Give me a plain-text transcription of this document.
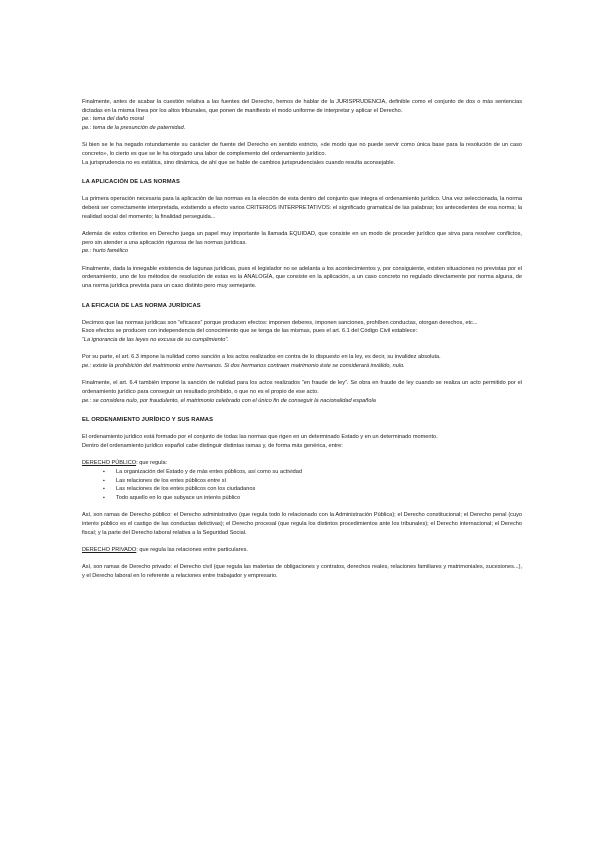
Finalmente, antes de acabar la cuestión relativa a las fuentes del Derecho, hemos de hablar de la JURISPRUDENCIA, definible como el conjunto de dos o más sentencias dictadas en la misma línea por los altos tribunales, que ponen de manifiesto el modo uniforme de interpretar y aplicar el Derecho.

pe.: tema del daño moral

pe.: tema de la presunción de paternidad.

Si bien se le ha negado rotundamente su carácter de fuente del Derecho en sentido estricto, «de modo que no puede servir como única base para la resolución de un caso concreto», lo cierto es que se le ha otorgado una labor de complemento del ordenamiento jurídico.

La jurisprudencia no es estática, sino dinámica, de ahí que se hable de cambios jurisprudenciales cuando resulta aconsejable.

LA APLICACIÓN DE LAS NORMAS

La primera operación necesaria para la aplicación de las normas es la elección de esta dentro del conjunto que integra el ordenamiento jurídico. Una vez seleccionada, la norma deberá ser correctamente interpretada, existiendo a efecto varios CRITERIOS INTERPRETATIVOS: el significado gramatical de las palabras; los antecedentes de esa norma; la realidad social del momento; la finalidad perseguida...

Además de estos criterios en Derecho juega un papel muy importante la llamada EQUIDAD, que consiste en un modo de proceder jurídico que sirva para resolver conflictos, pero sin atender a una aplicación rigurosa de las normas jurídicas.

pe.: hurto famélico

Finalmente, dada la innegable existencia de lagunas jurídicas, pues el legislador no se adelanta a los acontecimientos y, por consiguiente, existen situaciones no previstas por el ordenamiento, uno de los métodos de resolución de estas es la ANALOGÍA, que consiste en la aplicación, a un caso concreto no regulado directamente por norma alguna, de una norma jurídica prevista para un caso distinto pero muy semejante.

LA EFICACIA DE LAS NORMA JURÍDICAS

Decimos que las normas jurídicas son “eficaces” porque producen efectos: imponen deberes, imponen sanciones, prohíben conductas, otorgan derechos, etc...

Esos efectos se producen con independencia del conocimiento que se tenga de las mismas, pues el art. 6.1 del Código Civil establece:

“La ignorancia de las leyes no excusa de su cumplimiento”.

Por su parte, el art. 6.3 impone la nulidad como sanción a los actos realizados en contra de lo dispuesto en la ley, es decir, su invalidez absoluta.

pe.: existe la prohibición del matrimonio entre hermanos. Si dos hermanos contraen matrimonio éste se considerará inválido, nulo.

Finalmente, el art. 6.4 también impone la sanción de nulidad para los actos realizados “en fraude de ley”. Se obra en fraude de ley cuando se realiza un acto permitido por el ordenamiento jurídico para conseguir un resultado prohibido, o que no es el propio de ese acto.

pe.: se considera nulo, por fraudulento, el matrimonio celebrado con el único fin de conseguir la nacionalidad española

EL ORDENAMIENTO JURÍDICO Y SUS RAMAS

El ordenamiento jurídico está formado por el conjunto de todas las normas que rigen en un determinado Estado y en un determinado momento.

Dentro del ordenamiento jurídico español cabe distinguir distintas ramas y, de forma más genérica, entre:

DERECHO PÚBLICO: que regula:

▪ La organización del Estado y de más entes públicos, así como su actividad
▪ Las relaciones de los entes públicos entre sí
▪ Las relaciones de los entes públicos con los ciudadanos
▪ Todo aquello en lo que subyace un interés público

Así, son ramas de Derecho público: el Derecho administrativo (que regula todo lo relacionado con la Administración Pública); el Derecho constitucional; el Derecho penal (cuyo interés público es el castigo de las conductas delictivas); el Derecho procesal (que regula los distintos procedimientos ante los tribunales); el Derecho internacional; el Derecho fiscal; y la parte del Derecho laboral relativa a la Seguridad Social.

DERECHO PRIVADO: que regula las relaciones entre particulares.

Así, son ramas de Derecho privado: el Derecho civil (que regula las materias de obligaciones y contratos, derechos reales, relaciones familiares y matrimoniales, sucesiones...), y el Derecho laboral en lo referente a relaciones entre trabajador y empresario.
